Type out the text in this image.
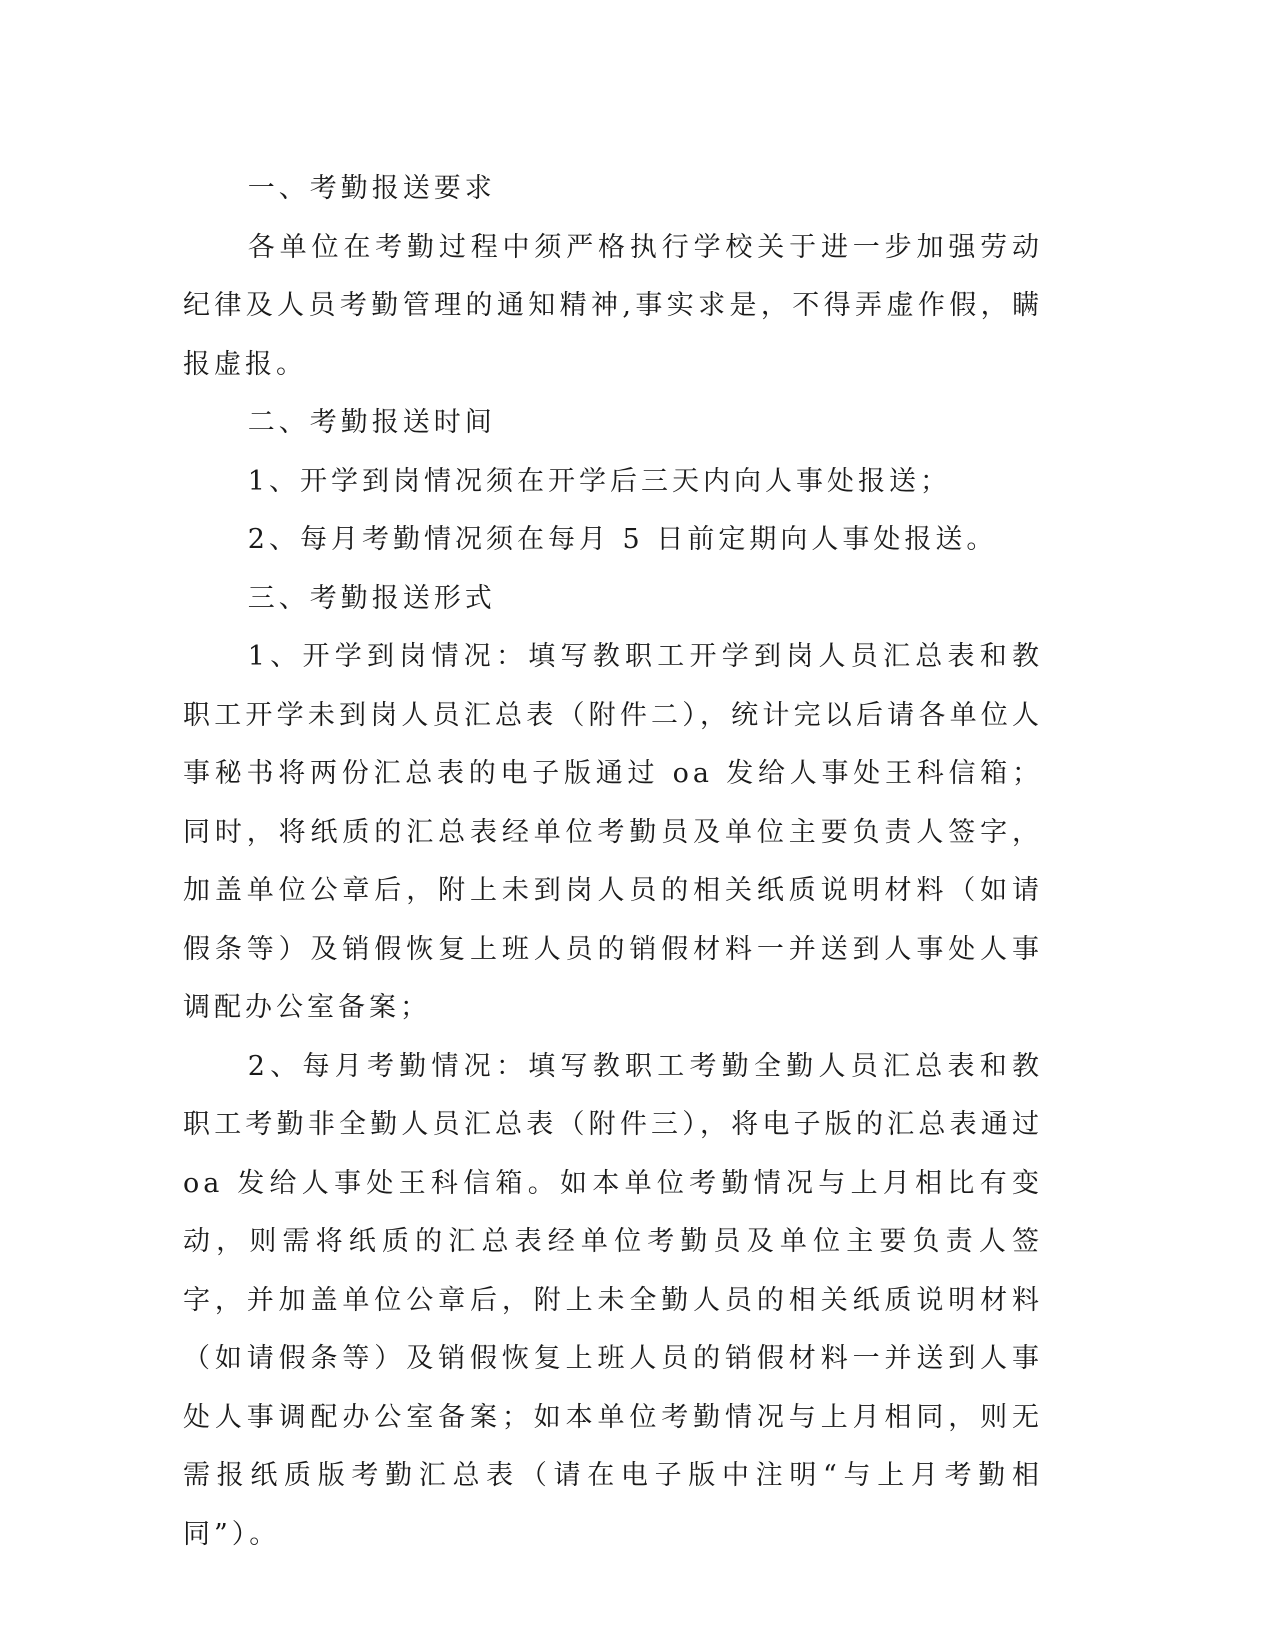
一、考勤报送要求

各单位在考勤过程中须严格执行学校关于进一步加强劳动纪律及人员考勤管理的通知精神,事实求是，不得弄虚作假，瞒报虚报。

二、考勤报送时间

1、开学到岗情况须在开学后三天内向人事处报送；

2、每月考勤情况须在每月 5 日前定期向人事处报送。

三、考勤报送形式

1、开学到岗情况：填写教职工开学到岗人员汇总表和教职工开学未到岗人员汇总表（附件二），统计完以后请各单位人事秘书将两份汇总表的电子版通过 oa 发给人事处王科信箱；同时，将纸质的汇总表经单位考勤员及单位主要负责人签字，加盖单位公章后，附上未到岗人员的相关纸质说明材料（如请假条等）及销假恢复上班人员的销假材料一并送到人事处人事调配办公室备案；

2、每月考勤情况：填写教职工考勤全勤人员汇总表和教职工考勤非全勤人员汇总表（附件三），将电子版的汇总表通过 oa 发给人事处王科信箱。如本单位考勤情况与上月相比有变动，则需将纸质的汇总表经单位考勤员及单位主要负责人签字，并加盖单位公章后，附上未全勤人员的相关纸质说明材料（如请假条等）及销假恢复上班人员的销假材料一并送到人事处人事调配办公室备案；如本单位考勤情况与上月相同，则无需报纸质版考勤汇总表（请在电子版中注明“与上月考勤相同”）。
